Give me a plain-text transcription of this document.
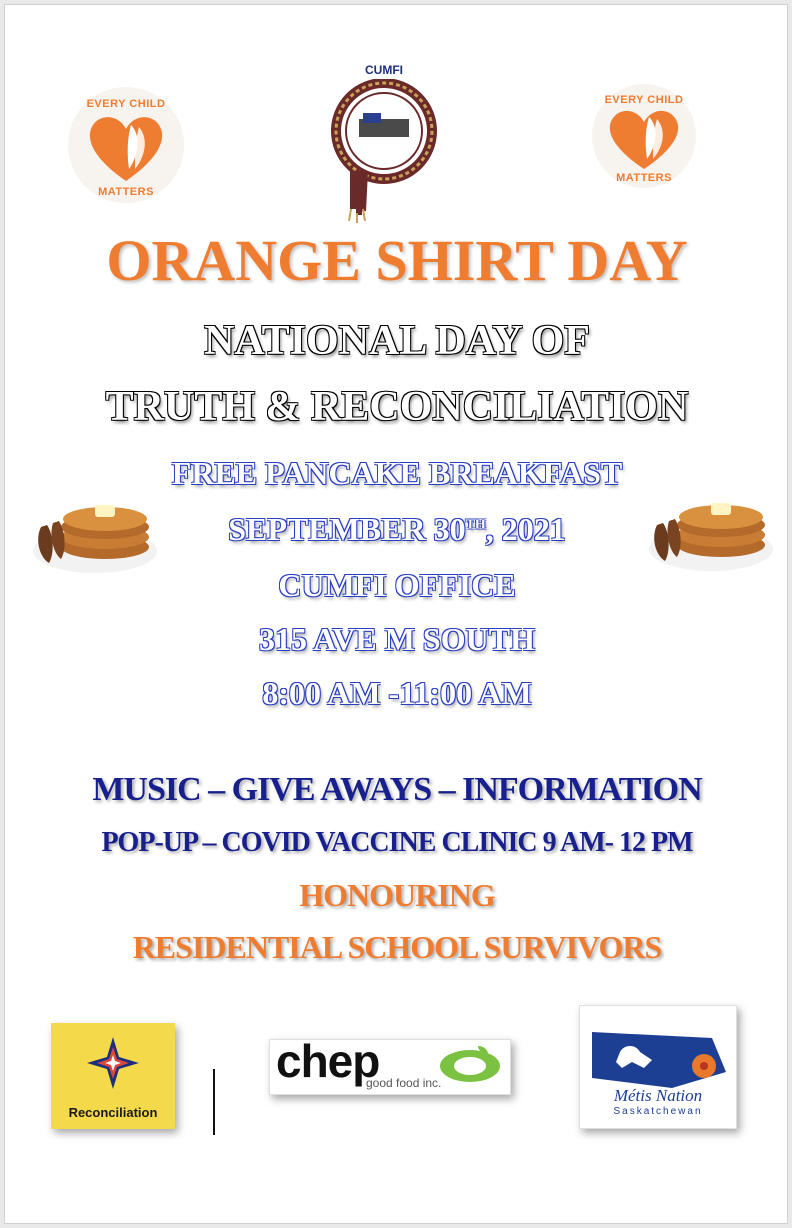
EVERY CHILD
MATTERS
CUMFI
EVERY CHILD
MATTERS
ORANGE SHIRT DAY
NATIONAL DAY OF
TRUTH & RECONCILIATION
FREE PANCAKE BREAKFAST
SEPTEMBER 30TH, 2021
CUMFI OFFICE
315 AVE M SOUTH
8:00 AM -11:00 AM
MUSIC – GIVE AWAYS – INFORMATION
POP-UP – COVID VACCINE CLINIC 9 AM- 12 PM
HONOURING
RESIDENTIAL SCHOOL SURVIVORS
Reconciliation
chep
good food inc.
Métis Nation
Saskatchewan
